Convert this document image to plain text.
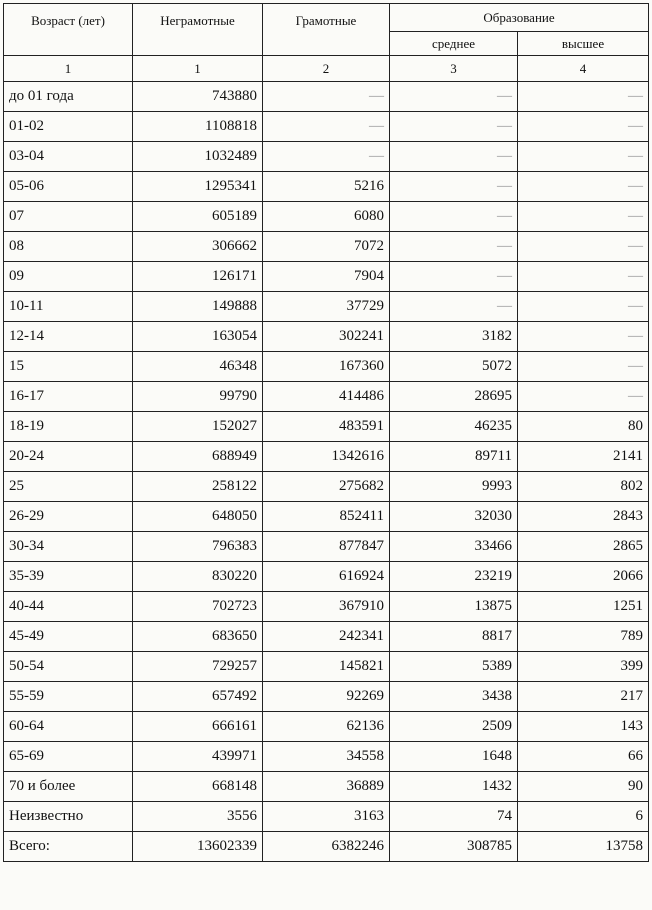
Возраст (лет)	Неграмотные	Грамотные	Образование	
			среднее	высшее
1	1	2	3	4
до 01 года	743880	—	—	—
01-02	1108818	—	—	—
03-04	1032489	—	—	—
05-06	1295341	5216	—	—
07	605189	6080	—	—
08	306662	7072	—	—
09	126171	7904	—	—
10-11	149888	37729	—	—
12-14	163054	302241	3182	—
15	46348	167360	5072	—
16-17	99790	414486	28695	—
18-19	152027	483591	46235	80
20-24	688949	1342616	89711	2141
25	258122	275682	9993	802
26-29	648050	852411	32030	2843
30-34	796383	877847	33466	2865
35-39	830220	616924	23219	2066
40-44	702723	367910	13875	1251
45-49	683650	242341	8817	789
50-54	729257	145821	5389	399
55-59	657492	92269	3438	217
60-64	666161	62136	2509	143
65-69	439971	34558	1648	66
70 и более	668148	36889	1432	90
Неизвестно	3556	3163	74	6
Всего:	13602339	6382246	308785	13758
